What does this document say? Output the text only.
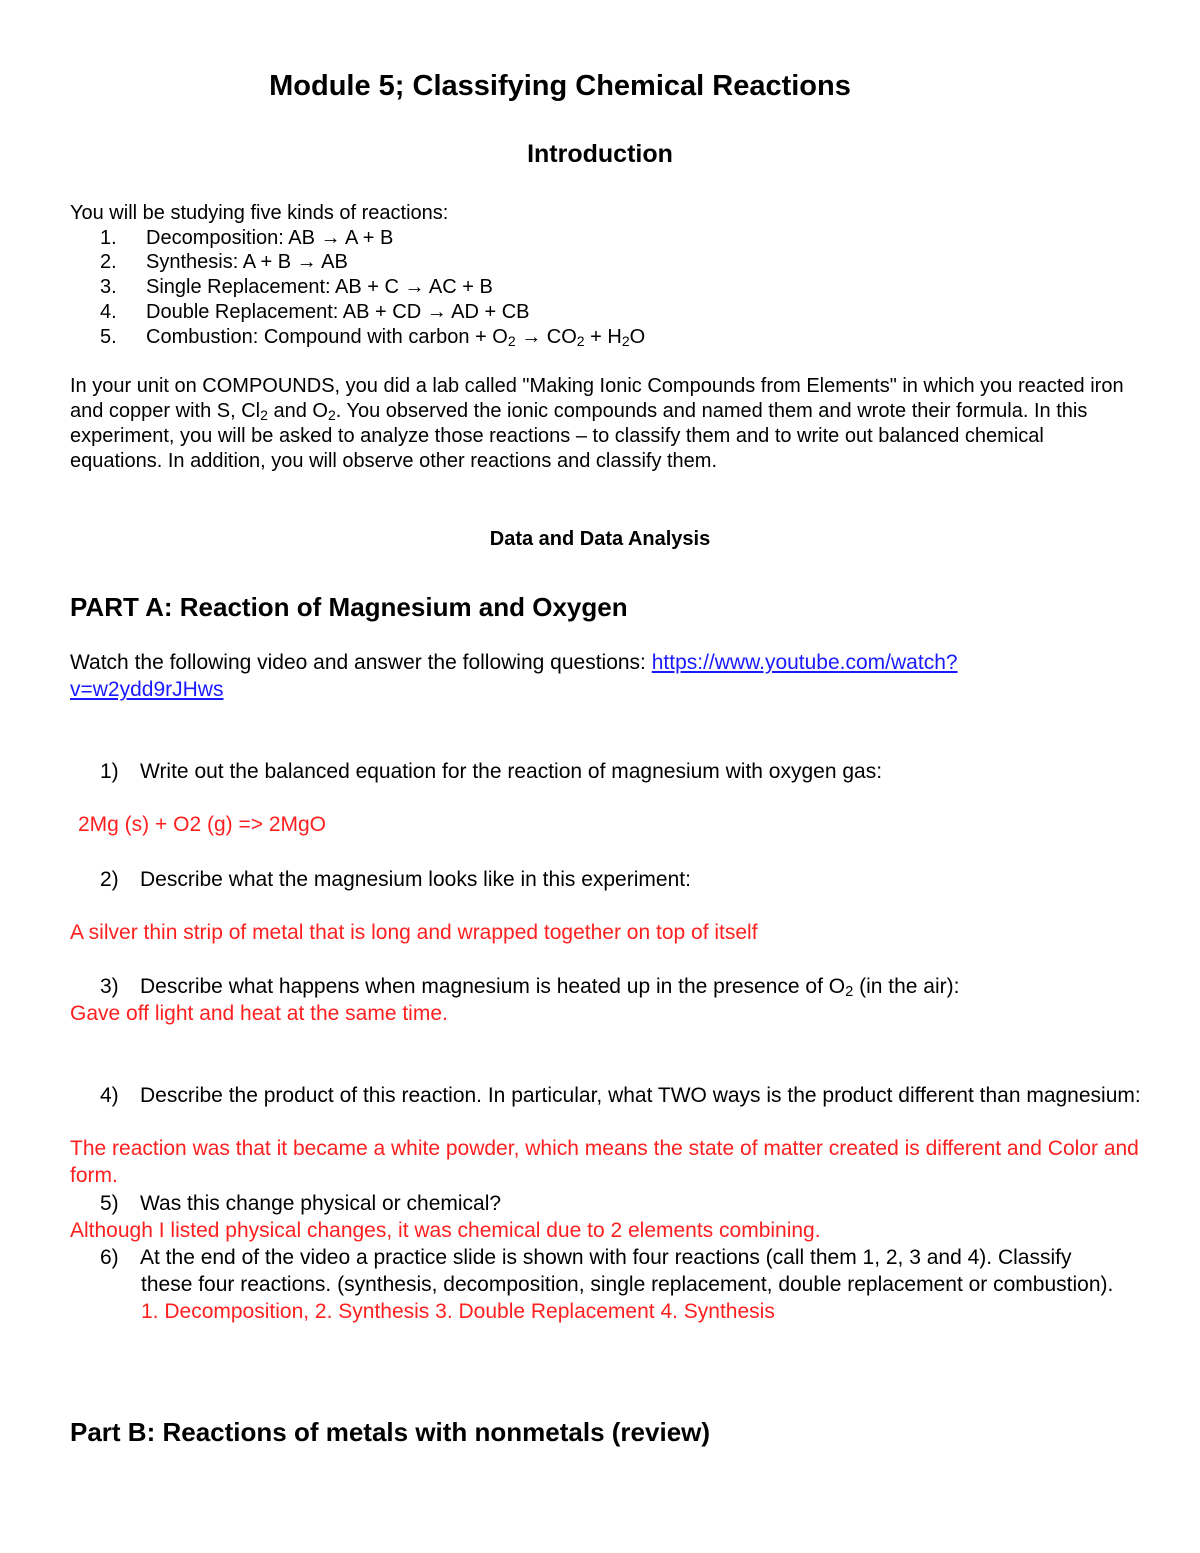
Module 5; Classifying Chemical Reactions
Introduction
You will be studying five kinds of reactions:
1. Decomposition: AB → A + B
2. Synthesis: A + B → AB
3. Single Replacement: AB + C → AC + B
4. Double Replacement: AB + CD → AD + CB
5. Combustion: Compound with carbon + $O_2 \to CO_2 + H_2O$
In your unit on COMPOUNDS, you did a lab called "Making Ionic Compounds from Elements" in which you reacted iron and copper with S, $Cl_2$ and $O_2$. You observed the ionic compounds and named them and wrote their formula. In this experiment, you will be asked to analyze those reactions – to classify them and to write out balanced chemical equations. In addition, you will observe other reactions and classify them.
Data and Data Analysis
PART A: Reaction of Magnesium and Oxygen
Watch the following video and answer the following questions: https://www.youtube.com/watch?
v=w2ydd9rJHws
1) Write out the balanced equation for the reaction of magnesium with oxygen gas:
2Mg (s) + O2 (g) => 2MgO
2) Describe what the magnesium looks like in this experiment:
A silver thin strip of metal that is long and wrapped together on top of itself
3) Describe what happens when magnesium is heated up in the presence of $O_2$ (in the air):
Gave off light and heat at the same time.
4) Describe the product of this reaction. In particular, what TWO ways is the product different than magnesium:
The reaction was that it became a white powder, which means the state of matter created is different and Color and form.
5) Was this change physical or chemical?
Although I listed physical changes, it was chemical due to 2 elements combining.
6) At the end of the video a practice slide is shown with four reactions (call them 1, 2, 3 and 4). Classify these four reactions. (synthesis, decomposition, single replacement, double replacement or combustion). 1. Decomposition, 2. Synthesis 3. Double Replacement 4. Synthesis
Part B: Reactions of metals with nonmetals (review)
